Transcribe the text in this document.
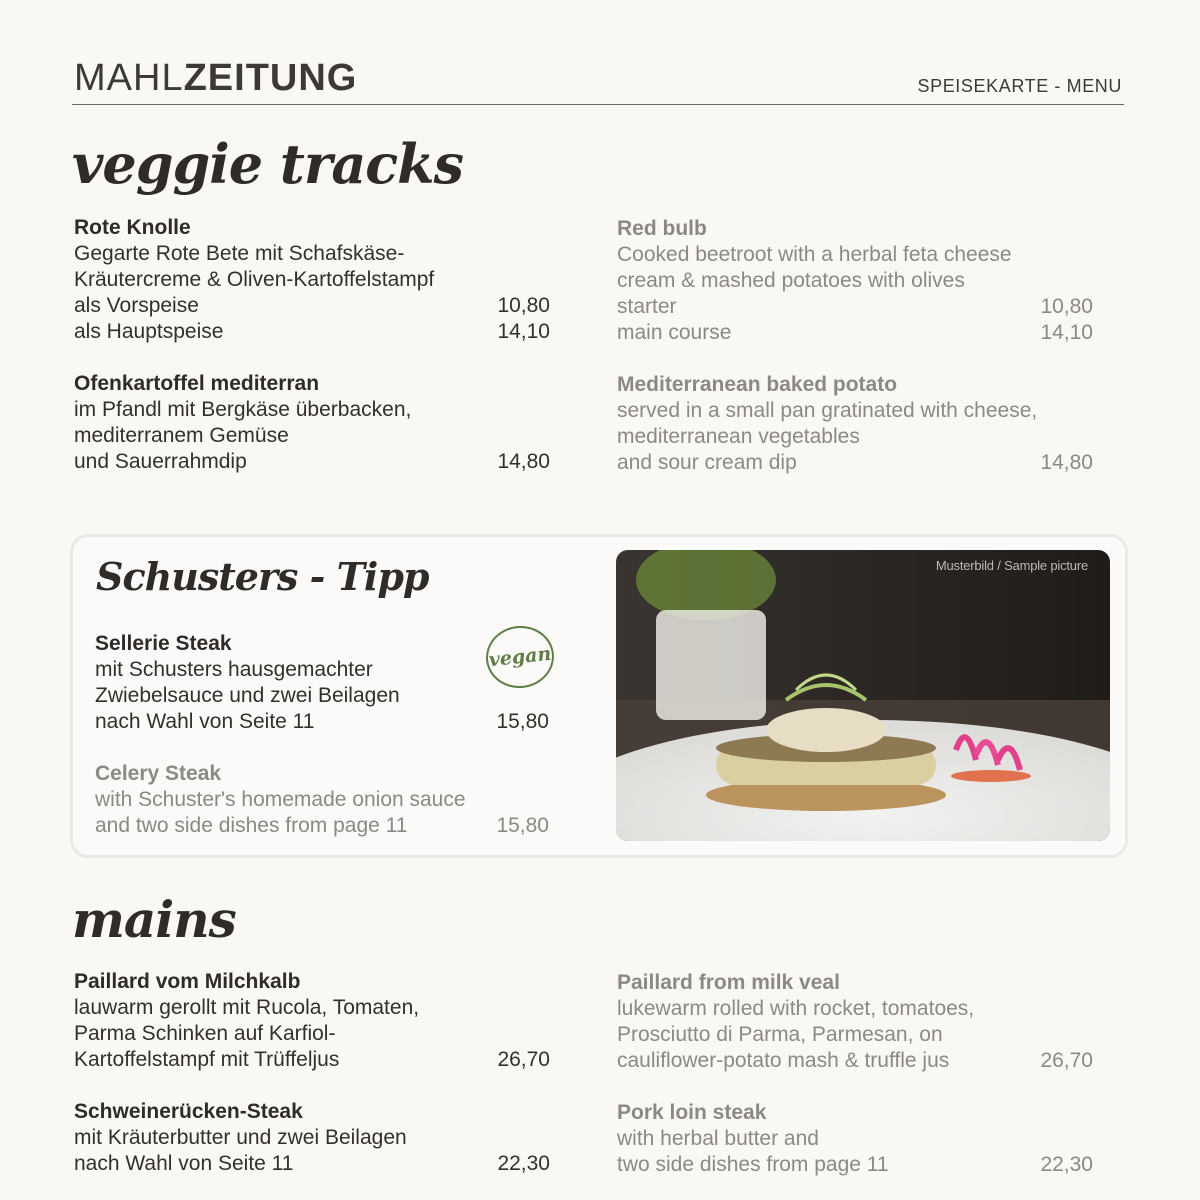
MAHLZEITUNG	SPEISEKARTE - MENU
veggie tracks
Rote Knolle
Gegarte Rote Bete mit Schafskäse-
Kräutercreme & Oliven-Kartoffelstampf
als Vorspeise	10,80
als Hauptspeise	14,10
Ofenkartoffel mediterran
im Pfandl mit Bergkäse überbacken,
mediterranem Gemüse
und Sauerrahmdip	14,80
Red bulb
Cooked beetroot with a herbal feta cheese
cream & mashed potatoes with olives
starter	10,80
main course	14,10
Mediterranean baked potato
served in a small pan gratinated with cheese,
mediterranean vegetables
and sour cream dip	14,80
Schusters - Tipp
Sellerie Steak
mit Schusters hausgemachter
Zwiebelsauce und zwei Beilagen
nach Wahl von Seite 11	15,80
Celery Steak
with Schuster's homemade onion sauce
and two side dishes from page 11	15,80
vegan
Musterbild / Sample picture
mains
Paillard vom Milchkalb
lauwarm gerollt mit Rucola, Tomaten,
Parma Schinken auf Karfiol-
Kartoffelstampf mit Trüffeljus	26,70
Schweinerücken-Steak
mit Kräuterbutter und zwei Beilagen
nach Wahl von Seite 11	22,30
Paillard from milk veal
lukewarm rolled with rocket, tomatoes,
Prosciutto di Parma, Parmesan, on
cauliflower-potato mash & truffle jus	26,70
Pork loin steak
with herbal butter and
two side dishes from page 11	22,30
